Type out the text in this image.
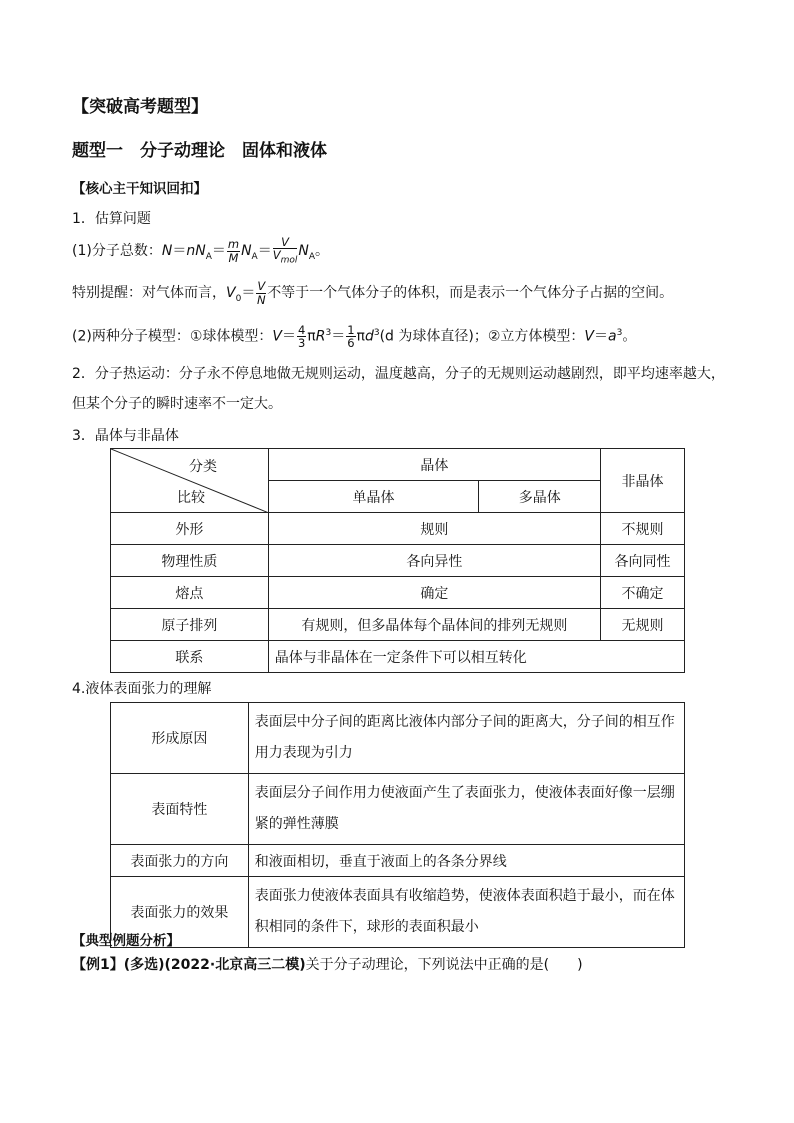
【突破高考题型】
题型一　分子动理论　固体和液体
【核心主干知识回扣】
1．估算问题
(1)分子总数：$N=nN_A= \frac{m}{M} N_A= \frac{V}{V_{mol}} N_A$。
特别提醒：对气体而言，$V_0= \frac{V}{N}$ 不等于一个气体分子的体积，而是表示一个气体分子占据的空间。
(2)两种分子模型：①球体模型：$V= \frac{4}{3} \pi R^3= \frac{1}{6} \pi d^3(d$ 为球体直径)；②立方体模型：$V=a^3$。
2．分子热运动：分子永不停息地做无规则运动，温度越高，分子的无规则运动越剧烈，即平均速率越大，
但某个分子的瞬时速率不一定大。
3．晶体与非晶体
分类
比较	晶体		非晶体
	单晶体	多晶体	
外形	规则		不规则
物理性质	各向异性		各向同性
熔点	确定		不确定
原子排列	有规则，但多晶体每个晶体间的排列无规则		无规则
联系	晶体与非晶体在一定条件下可以相互转化		
4.液体表面张力的理解
形成原因	表面层中分子间的距离比液体内部分子间的距离大，分子间的相互作用力表现为引力
表面特性	表面层分子间作用力使液面产生了表面张力，使液体表面好像一层绷紧的弹性薄膜
表面张力的方向	和液面相切，垂直于液面上的各条分界线
表面张力的效果	表面张力使液体表面具有收缩趋势，使液体表面积趋于最小，而在体积相同的条件下，球形的表面积最小
【典型例题分析】
【例1】(多选)(2022·北京高三二模)关于分子动理论，下列说法中正确的是(　　)
